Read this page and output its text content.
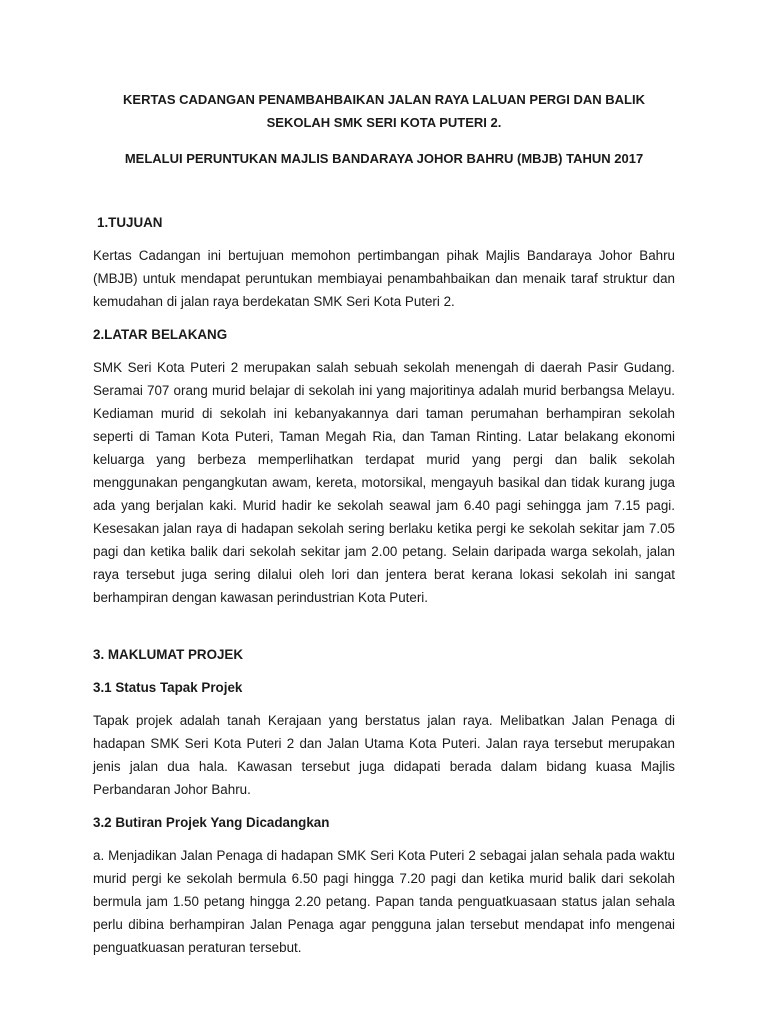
KERTAS CADANGAN PENAMBAHBAIKAN JALAN RAYA LALUAN PERGI DAN BALIK SEKOLAH SMK SERI KOTA PUTERI 2.

MELALUI PERUNTUKAN MAJLIS BANDARAYA JOHOR BAHRU (MBJB) TAHUN 2017

1.TUJUAN

Kertas Cadangan ini bertujuan memohon pertimbangan pihak Majlis Bandaraya Johor Bahru (MBJB) untuk mendapat peruntukan membiayai penambahbaikan dan menaik taraf struktur dan kemudahan di jalan raya berdekatan SMK Seri Kota Puteri 2.

2.LATAR BELAKANG

SMK Seri Kota Puteri 2 merupakan salah sebuah sekolah menengah di daerah Pasir Gudang. Seramai 707 orang murid belajar di sekolah ini yang majoritinya adalah murid berbangsa Melayu. Kediaman murid di sekolah ini kebanyakannya dari taman perumahan berhampiran sekolah seperti di Taman Kota Puteri, Taman Megah Ria, dan Taman Rinting. Latar belakang ekonomi keluarga yang berbeza memperlihatkan terdapat murid yang pergi dan balik sekolah menggunakan pengangkutan awam, kereta, motorsikal, mengayuh basikal dan tidak kurang juga ada yang berjalan kaki. Murid hadir ke sekolah seawal jam 6.40 pagi sehingga jam 7.15 pagi. Kesesakan jalan raya di hadapan sekolah sering berlaku ketika pergi ke sekolah sekitar jam 7.05 pagi dan ketika balik dari sekolah sekitar jam 2.00 petang. Selain daripada warga sekolah, jalan raya tersebut juga sering dilalui oleh lori dan jentera berat kerana lokasi sekolah ini sangat berhampiran dengan kawasan perindustrian Kota Puteri.

3. MAKLUMAT PROJEK

3.1 Status Tapak Projek

Tapak projek adalah tanah Kerajaan yang berstatus jalan raya. Melibatkan Jalan Penaga di hadapan SMK Seri Kota Puteri 2 dan Jalan Utama Kota Puteri. Jalan raya tersebut merupakan jenis jalan dua hala. Kawasan tersebut juga didapati berada dalam bidang kuasa Majlis Perbandaran Johor Bahru.

3.2 Butiran Projek Yang Dicadangkan

a. Menjadikan Jalan Penaga di hadapan SMK Seri Kota Puteri 2 sebagai jalan sehala pada waktu murid pergi ke sekolah bermula 6.50 pagi hingga 7.20 pagi dan ketika murid balik dari sekolah bermula jam 1.50 petang hingga 2.20 petang. Papan tanda penguatkuasaan status jalan sehala perlu dibina berhampiran Jalan Penaga agar pengguna jalan tersebut mendapat info mengenai penguatkuasan peraturan tersebut.
